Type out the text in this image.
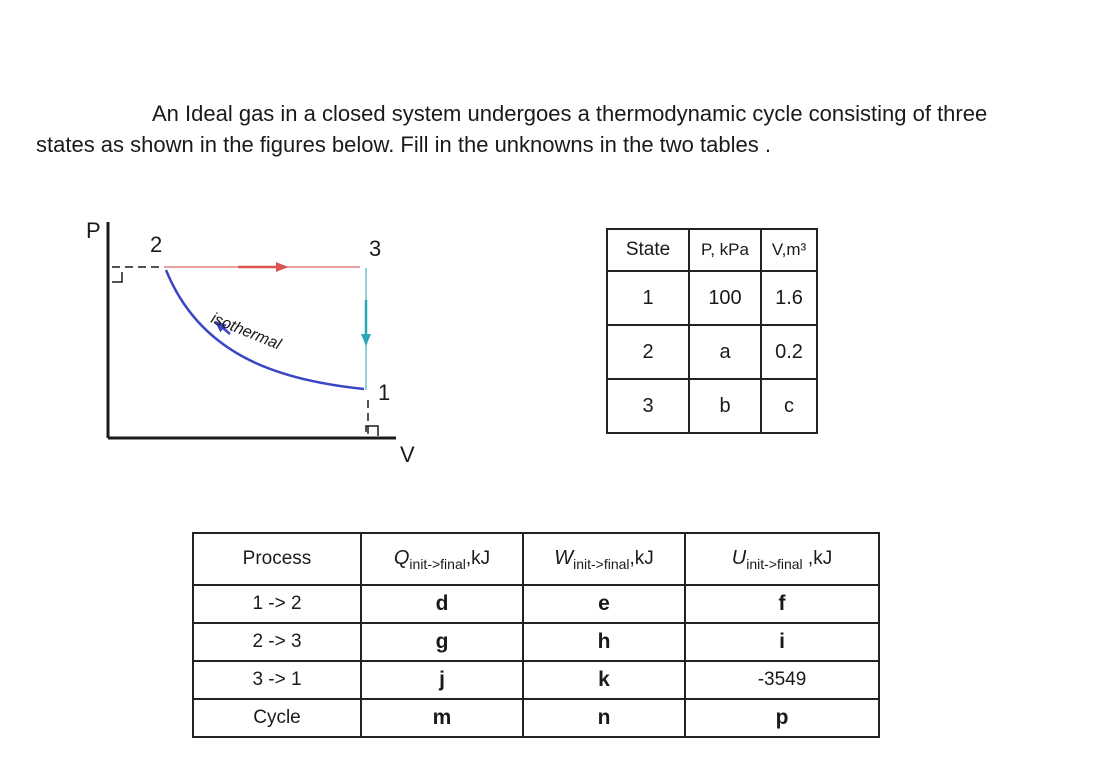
An Ideal gas in a closed system undergoes a thermodynamic cycle consisting of three
states as shown in the figures below. Fill in the unknowns in the two tables .

P
V
2	3
1
isothermal
State	P, kPa	V,m³
1	100	1.6
2	a	0.2
3	b	c
Process	$Q_{init->final},kJ$	$W_{init->final},kJ$	$U_{init->final}$ ,kJ
1 -> 2	d	e	f
2 -> 3	g	h	i
3 -> 1	j	k	-3549
Cycle	m	n	p
